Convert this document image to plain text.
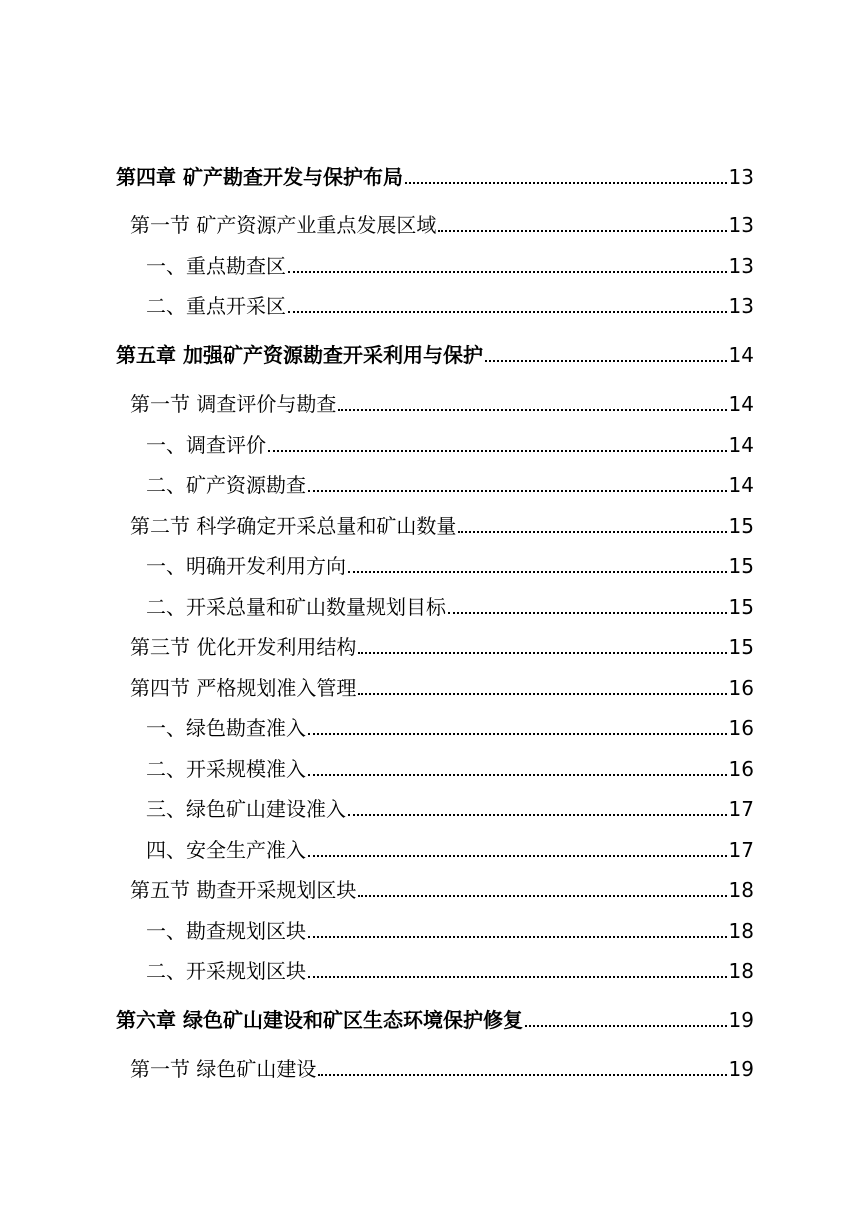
第四章 矿产勘查开发与保护布局	13
第一节 矿产资源产业重点发展区域	13
一、重点勘查区	13
二、重点开采区	13
第五章 加强矿产资源勘查开采利用与保护	14
第一节 调查评价与勘查	14
一、调查评价	14
二、矿产资源勘查	14
第二节 科学确定开采总量和矿山数量	15
一、明确开发利用方向	15
二、开采总量和矿山数量规划目标	15
第三节 优化开发利用结构	15
第四节 严格规划准入管理	16
一、绿色勘查准入	16
二、开采规模准入	16
三、绿色矿山建设准入	17
四、安全生产准入	17
第五节 勘查开采规划区块	18
一、勘查规划区块	18
二、开采规划区块	18
第六章 绿色矿山建设和矿区生态环境保护修复	19
第一节 绿色矿山建设	19
